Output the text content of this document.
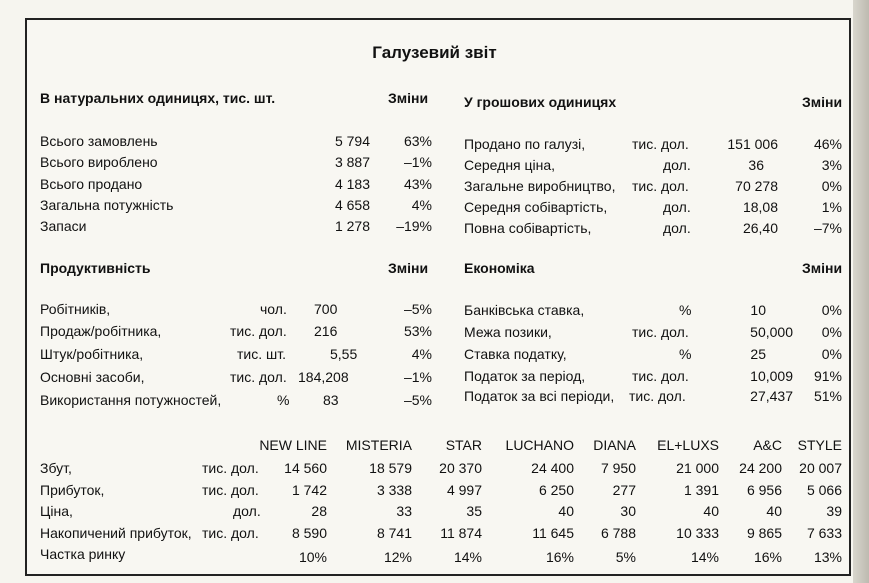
Галузевий звіт
В натуральних одиницях, тис. шт.	Зміни
Всього замовлень	5 794	63%
Всього вироблено	3 887	–1%
Всього продано	4 183	43%
Загальна потужність	4 658	4%
Запаси	1 278	–19%
У грошових одиницях	Зміни
Продано по галузі,	тис. дол.	151 006	46%
Середня ціна,	дол.	36	3%
Загальне виробництво, тис. дол.	70 278	0%
Середня собівартість,	дол.	18,08	1%
Повна собівартість,	дол.	26,40	–7%
Продуктивність	Зміни
Робітників,	чол. 700	–5%
Продаж/робітника,	тис. дол. 216	53%
Штук/робітника,	тис. шт.	5,55	4%
Основні засоби,	тис. дол. 184,208	–1%
Використання потужностей,	% 83	–5%
Економіка	Зміни
Банківська ставка,	%	10	0%
Межа позики,	тис. дол.	50,000	0%
Ставка податку,	%	25	0%
Податок за період,	тис. дол.	10,009	91%
Податок за всі періоди, тис. дол.	27,437	51%
NEW LINE	MISTERIA	STAR	LUCHANO	DIANA	EL+LUXS	A&C	STYLE
Збут,	тис. дол.	14 560	18 579	20 370	24 400	7 950	21 000	24 200	20 007
Прибуток,	тис. дол.	1 742	3 338	4 997	6 250	277	1 391	6 956	5 066
Ціна,	дол.	28	33	35	40	30	40	40	39
Накопичений прибуток, тис. дол.	8 590	8 741	11 874	11 645	6 788	10 333	9 865	7 633
Частка ринку	10%	12%	14%	16%	5%	14%	16%	13%
